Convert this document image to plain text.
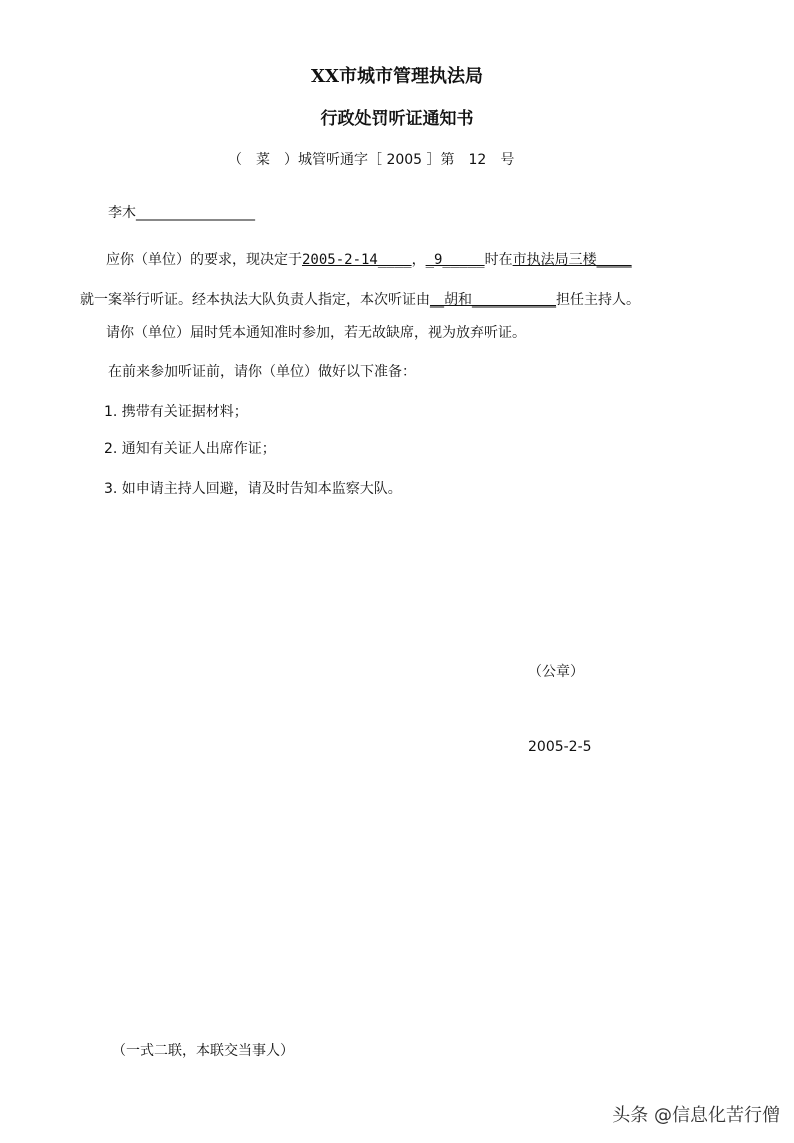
XX市城市管理执法局
行政处罚听证通知书
（　菜　）城管听通字［ 2005 ］第　12　号
李木_________________
应你（单位）的要求，现决定于2005-2-14____，_9_____时在市执法局三楼_____
就一案举行听证。经本执法大队负责人指定，本次听证由__胡和____________担任主持人。
请你（单位）届时凭本通知准时参加，若无故缺席，视为放弃听证。
在前来参加听证前，请你（单位）做好以下准备：
1. 携带有关证据材料；
2. 通知有关证人出席作证；
3. 如申请主持人回避，请及时告知本监察大队。
（公章）
2005-2-5
（一式二联，本联交当事人）
头条 @信息化苦行僧
